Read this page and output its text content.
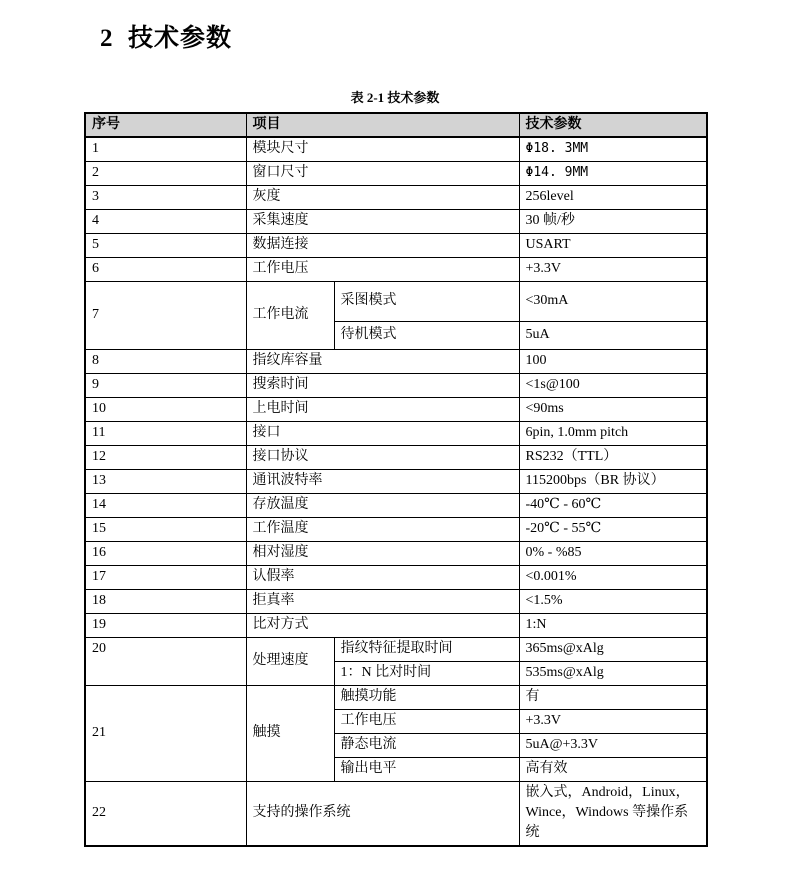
2  技术参数
表 2-1 技术参数
序号	项目		技术参数
1	模块尺寸		Φ18. 3MM
2	窗口尺寸		Φ14. 9MM
3	灰度		256level
4	采集速度		30 帧/秒
5	数据连接		USART
6	工作电压		+3.3V
7	工作电流	采图模式	<30mA
		待机模式	5uA
8	指纹库容量		100
9	搜索时间		<1s@100
10	上电时间		<90ms
11	接口		6pin, 1.0mm pitch
12	接口协议		RS232（TTL）
13	通讯波特率		115200bps（BR 协议）
14	存放温度		-40℃ - 60℃
15	工作温度		-20℃ - 55℃
16	相对湿度		0% - %85
17	认假率		<0.001%
18	拒真率		<1.5%
19	比对方式		1:N
20	处理速度	指纹特征提取时间	365ms@xAlg
		1：N 比对时间	535ms@xAlg
21	触摸	触摸功能	有
		工作电压	+3.3V
		静态电流	5uA@+3.3V
		输出电平	高有效
22	支持的操作系统		嵌入式，Android，Linux，Wince，Windows 等操作系统
